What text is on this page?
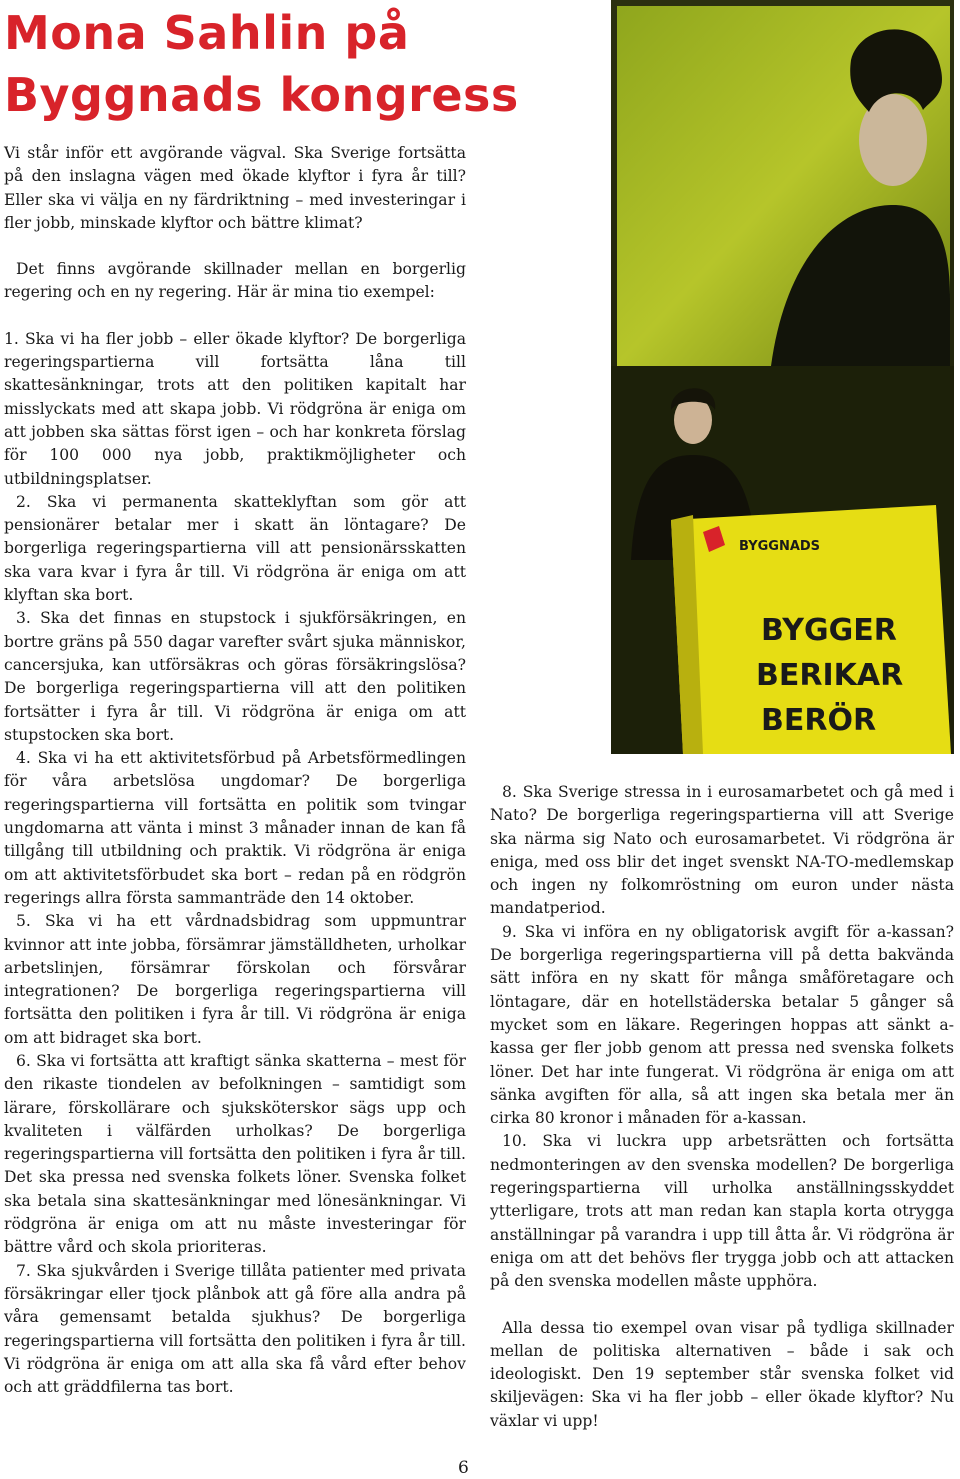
Mona Sahlin på
Byggnads kongress

Vi står inför ett avgörande vägval. Ska Sverige fortsätta på den inslagna vägen med ökade klyftor i fyra år till? Eller ska vi välja en ny färdriktning – med investeringar i fler jobb, minskade klyftor och bättre klimat?

Det finns avgörande skillnader mellan en borgerlig regering och en ny regering. Här är mina tio exempel:

1. Ska vi ha fler jobb – eller ökade klyftor? De borgerliga regeringspartierna vill fortsätta låna till skattesänkningar, trots att den politiken kapitalt har misslyckats med att skapa jobb. Vi rödgröna är eniga om att jobben ska sättas först igen – och har konkreta förslag för 100 000 nya jobb, praktikmöjligheter och utbildningsplatser.

2. Ska vi permanenta skatteklyftan som gör att pensionärer betalar mer i skatt än löntagare? De borgerliga regeringspartierna vill att pensionärsskatten ska vara kvar i fyra år till. Vi rödgröna är eniga om att klyftan ska bort.

3. Ska det finnas en stupstock i sjukförsäkringen, en bortre gräns på 550 dagar varefter svårt sjuka människor, cancersjuka, kan utförsäkras och göras försäkringslösa? De borgerliga regeringspartierna vill att den politiken fortsätter i fyra år till. Vi rödgröna är eniga om att stupstocken ska bort.

4. Ska vi ha ett aktivitetsförbud på Arbetsförmedlingen för våra arbetslösa ungdomar? De borgerliga regeringspartierna vill fortsätta en politik som tvingar ungdomarna att vänta i minst 3 månader innan de kan få tillgång till utbildning och praktik. Vi rödgröna är eniga om att aktivitetsförbudet ska bort – redan på en rödgrön regerings allra första sammanträde den 14 oktober.

5. Ska vi ha ett vårdnadsbidrag som uppmuntrar kvinnor att inte jobba, försämrar jämställdheten, urholkar arbetslinjen, försämrar förskolan och försvårar integrationen? De borgerliga regeringspartierna vill fortsätta den politiken i fyra år till. Vi rödgröna är eniga om att bidraget ska bort.

6. Ska vi fortsätta att kraftigt sänka skatterna – mest för den rikaste tiondelen av befolkningen – samtidigt som lärare, förskollärare och sjuksköterskor sägs upp och kvaliteten i välfärden urholkas? De borgerliga regeringspartierna vill fortsätta den politiken i fyra år till. Det ska pressa ned svenska folkets löner. Svenska folket ska betala sina skattesänkningar med lönesänkningar. Vi rödgröna är eniga om att nu måste investeringar för bättre vård och skola prioriteras.

7. Ska sjukvården i Sverige tillåta patienter med privata försäkringar eller tjock plånbok att gå före alla andra på våra gemensamt betalda sjukhus? De borgerliga regeringspartierna vill fortsätta den politiken i fyra år till. Vi rödgröna är eniga om att alla ska få vård efter behov och att gräddfilerna tas bort.

BYGGNADS
BYGGER
BERIKAR
BERÖR

8. Ska Sverige stressa in i eurosamarbetet och gå med i Nato? De borgerliga regeringspartierna vill att Sverige ska närma sig Nato och eurosamarbetet. Vi rödgröna är eniga, med oss blir det inget svenskt NA-TO-medlemskap och ingen ny folkomröstning om euron under nästa mandatperiod.

9. Ska vi införa en ny obligatorisk avgift för a-kassan? De borgerliga regeringspartierna vill på detta bakvända sätt införa en ny skatt för många småföretagare och löntagare, där en hotellstäderska betalar 5 gånger så mycket som en läkare. Regeringen hoppas att sänkt a-kassa ger fler jobb genom att pressa ned svenska folkets löner. Det har inte fungerat. Vi rödgröna är eniga om att sänka avgiften för alla, så att ingen ska betala mer än cirka 80 kronor i månaden för a-kassan.

10. Ska vi luckra upp arbetsrätten och fortsätta nedmonteringen av den svenska modellen? De borgerliga regeringspartierna vill urholka anställningsskyddet ytterligare, trots att man redan kan stapla korta otrygga anställningar på varandra i upp till åtta år. Vi rödgröna är eniga om att det behövs fler trygga jobb och att attacken på den svenska modellen måste upphöra.

Alla dessa tio exempel ovan visar på tydliga skillnader mellan de politiska alternativen – både i sak och ideologiskt. Den 19 september står svenska folket vid skiljevägen: Ska vi ha fler jobb – eller ökade klyftor? Nu växlar vi upp!

6
